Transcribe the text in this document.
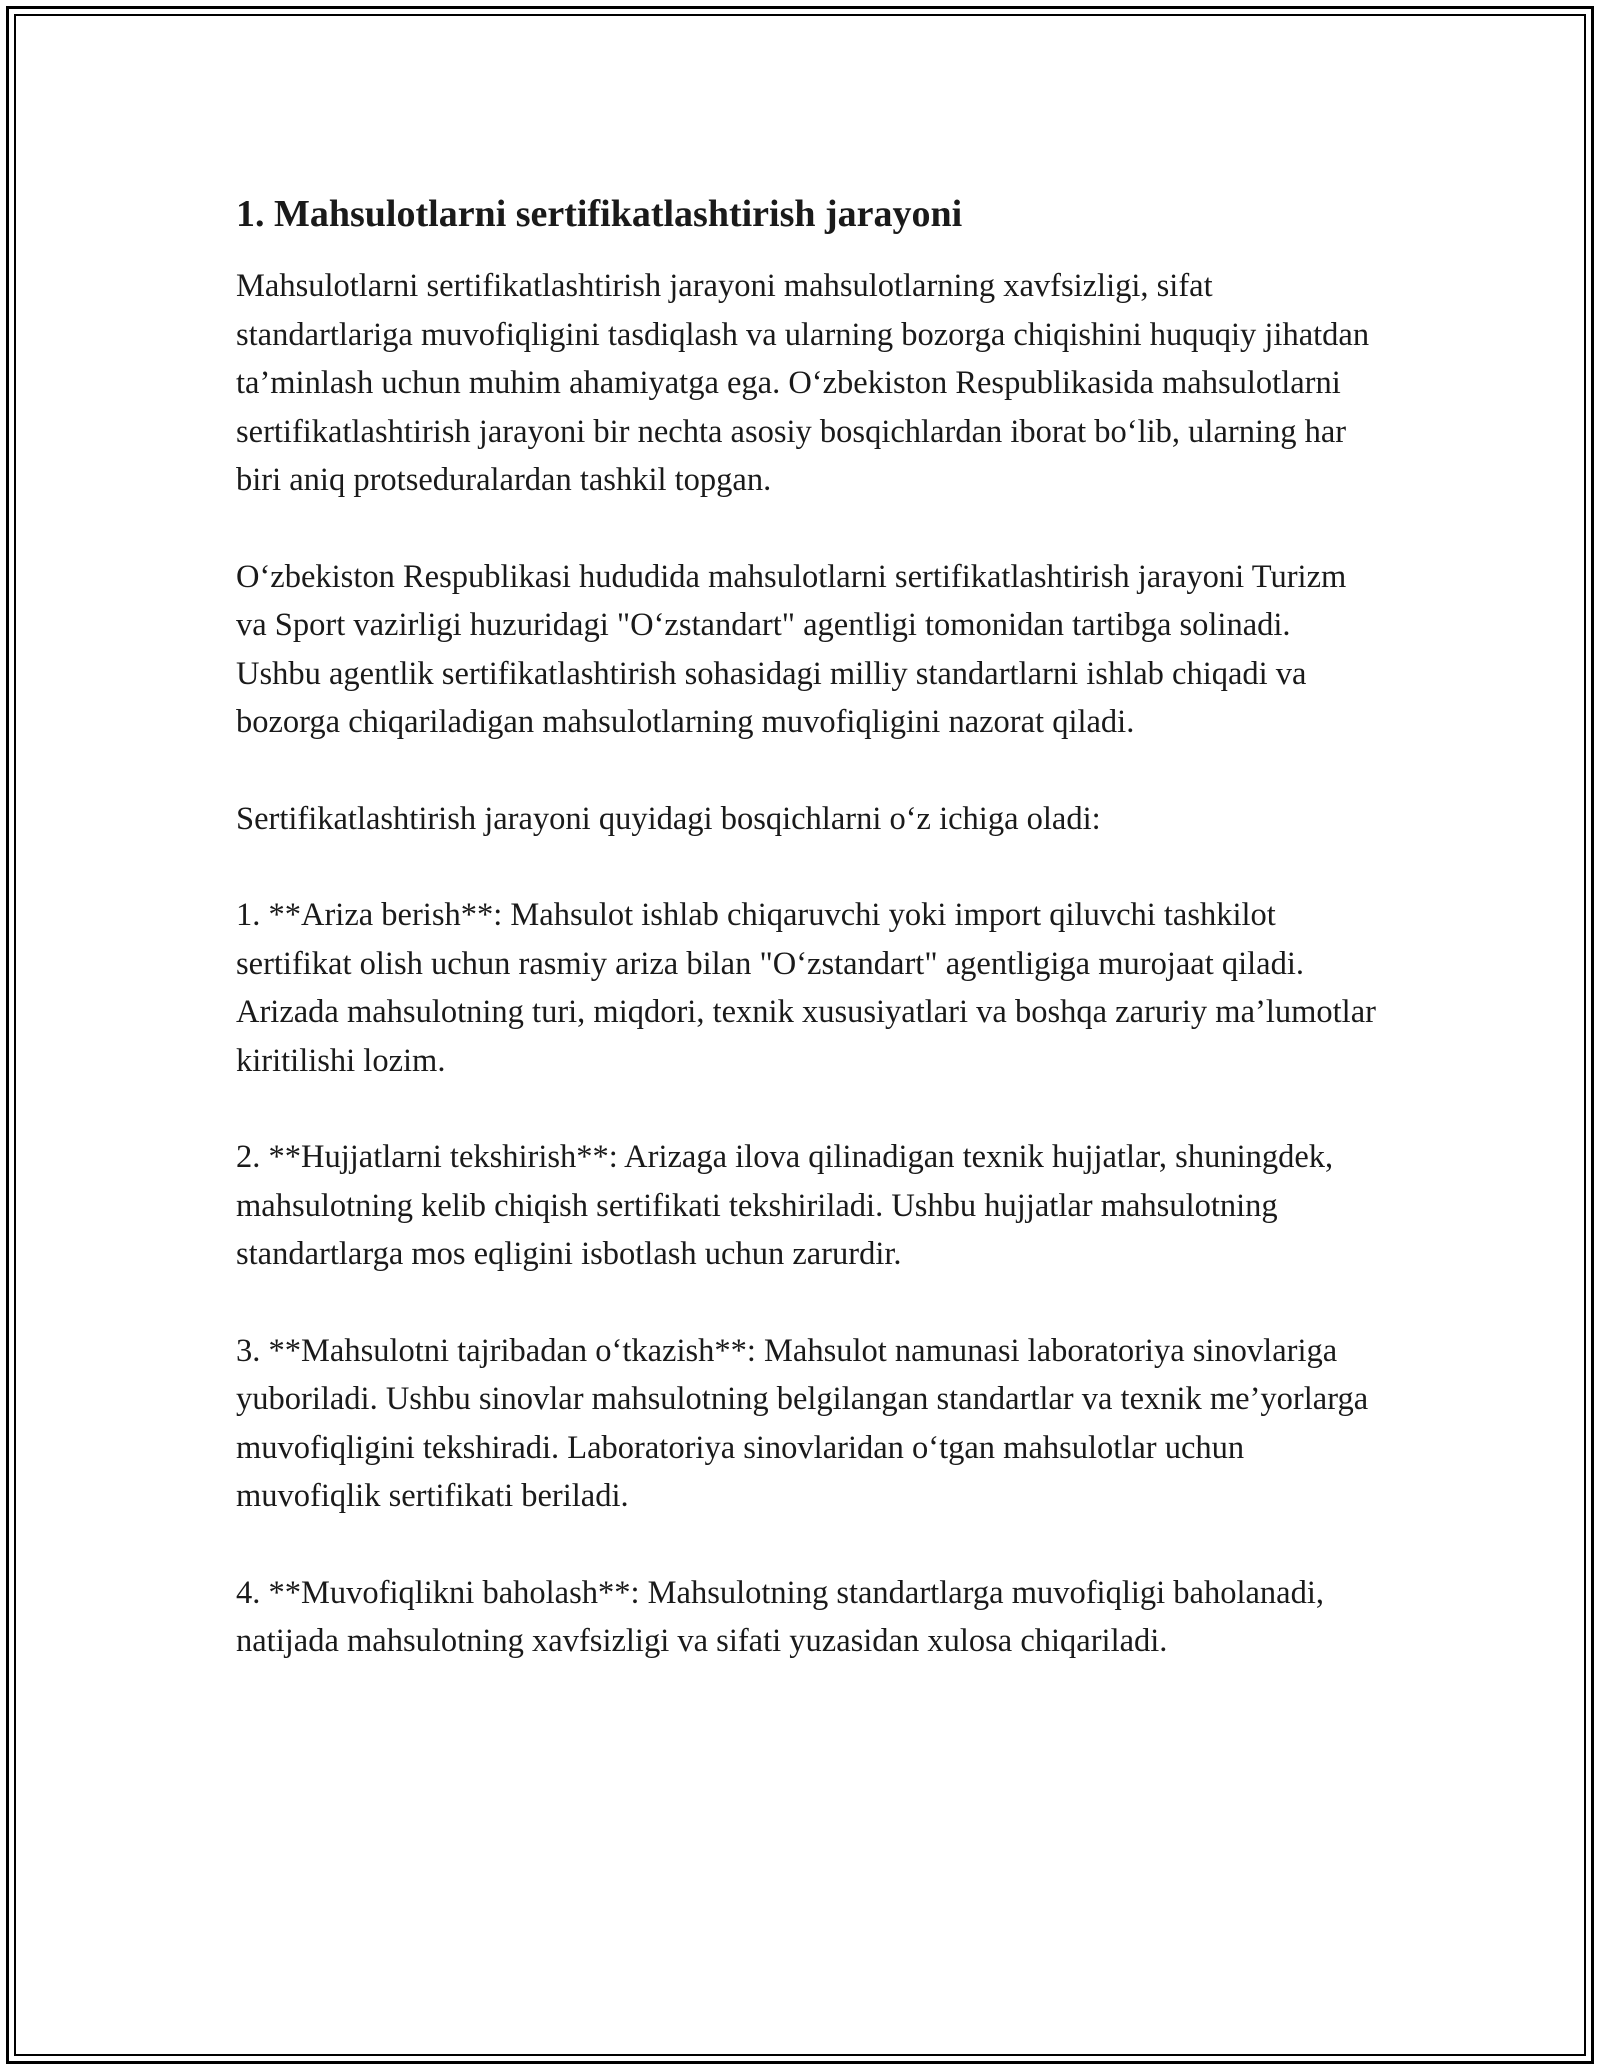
1. Mahsulotlarni sertifikatlashtirish jarayoni

Mahsulotlarni sertifikatlashtirish jarayoni mahsulotlarning xavfsizligi, sifat standartlariga muvofiqligini tasdiqlash va ularning bozorga chiqishini huquqiy jihatdan ta’minlash uchun muhim ahamiyatga ega. O‘zbekiston Respublikasida mahsulotlarni sertifikatlashtirish jarayoni bir nechta asosiy bosqichlardan iborat bo‘lib, ularning har biri aniq protseduralardan tashkil topgan.

O‘zbekiston Respublikasi hududida mahsulotlarni sertifikatlashtirish jarayoni Turizm va Sport vazirligi huzuridagi "O‘zstandart" agentligi tomonidan tartibga solinadi. Ushbu agentlik sertifikatlashtirish sohasidagi milliy standartlarni ishlab chiqadi va bozorga chiqariladigan mahsulotlarning muvofiqligini nazorat qiladi.

Sertifikatlashtirish jarayoni quyidagi bosqichlarni o‘z ichiga oladi:

1. **Ariza berish**: Mahsulot ishlab chiqaruvchi yoki import qiluvchi tashkilot sertifikat olish uchun rasmiy ariza bilan "O‘zstandart" agentligiga murojaat qiladi. Arizada mahsulotning turi, miqdori, texnik xususiyatlari va boshqa zaruriy ma’lumotlar kiritilishi lozim.

2. **Hujjatlarni tekshirish**: Arizaga ilova qilinadigan texnik hujjatlar, shuningdek, mahsulotning kelib chiqish sertifikati tekshiriladi. Ushbu hujjatlar mahsulotning standartlarga mos eqligini isbotlash uchun zarurdir.

3. **Mahsulotni tajribadan o‘tkazish**: Mahsulot namunasi laboratoriya sinovlariga yuboriladi. Ushbu sinovlar mahsulotning belgilangan standartlar va texnik me’yorlarga muvofiqligini tekshiradi. Laboratoriya sinovlaridan o‘tgan mahsulotlar uchun muvofiqlik sertifikati beriladi.

4. **Muvofiqlikni baholash**: Mahsulotning standartlarga muvofiqligi baholanadi, natijada mahsulotning xavfsizligi va sifati yuzasidan xulosa chiqariladi.
